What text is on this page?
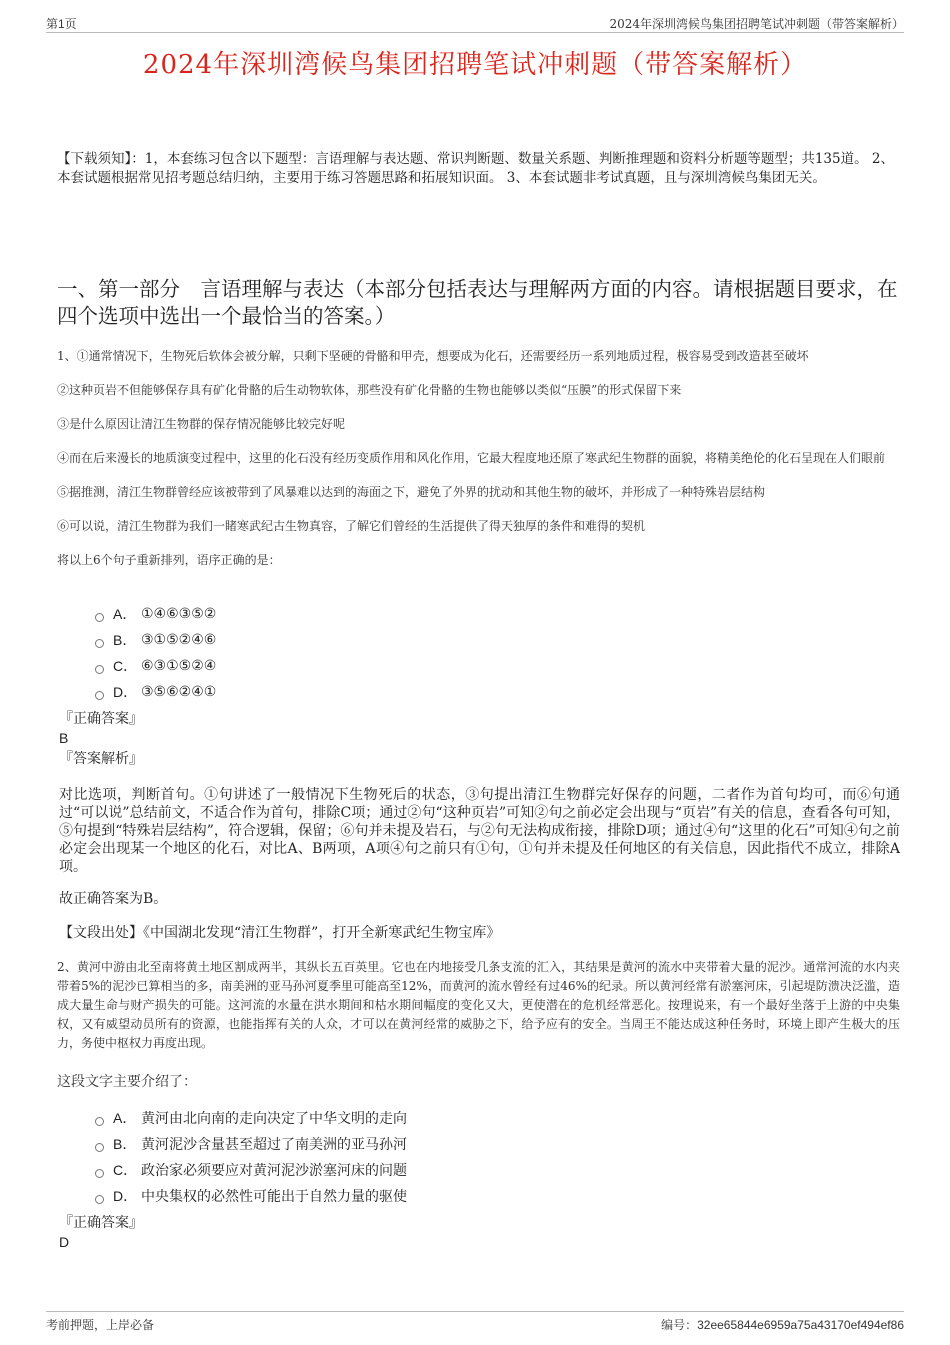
第1页	2024年深圳湾候鸟集团招聘笔试冲刺题（带答案解析）
2024年深圳湾候鸟集团招聘笔试冲刺题（带答案解析）
【下载须知】：1，本套练习包含以下题型：言语理解与表达题、常识判断题、数量关系题、判断推理题和资料分析题等题型；共135道。 2、本套试题根据常见招考题总结归纳，主要用于练习答题思路和拓展知识面。 3、本套试题非考试真题，且与深圳湾候鸟集团无关。
一、第一部分　言语理解与表达（本部分包括表达与理解两方面的内容。请根据题目要求，在四个选项中选出一个最恰当的答案。）

1、①通常情况下，生物死后软体会被分解，只剩下坚硬的骨骼和甲壳，想要成为化石，还需要经历一系列地质过程，极容易受到改造甚至破坏

②这种页岩不但能够保存具有矿化骨骼的后生动物软体，那些没有矿化骨骼的生物也能够以类似“压膜”的形式保留下来

③是什么原因让清江生物群的保存情况能够比较完好呢

④而在后来漫长的地质演变过程中，这里的化石没有经历变质作用和风化作用，它最大程度地还原了寒武纪生物群的面貌，将精美绝伦的化石呈现在人们眼前

⑤据推测，清江生物群曾经应该被带到了风暴难以达到的海面之下，避免了外界的扰动和其他生物的破坏，并形成了一种特殊岩层结构

⑥可以说，清江生物群为我们一睹寒武纪古生物真容，了解它们曾经的生活提供了得天独厚的条件和难得的契机

将以上6个句子重新排列，语序正确的是：

A． ①④⑥③⑤②
B． ③①⑤②④⑥
C． ⑥③①⑤②④
D． ③⑤⑥②④①
『正确答案』
B
『答案解析』
对比选项，判断首句。①句讲述了一般情况下生物死后的状态，③句提出清江生物群完好保存的问题，二者作为首句均可，而⑥句通过“可以说”总结前文，不适合作为首句，排除C项；通过②句“这种页岩”可知②句之前必定会出现与“页岩”有关的信息，查看各句可知，⑤句提到“特殊岩层结构”，符合逻辑，保留；⑥句并未提及岩石，与②句无法构成衔接，排除D项；通过④句“这里的化石”可知④句之前必定会出现某一个地区的化石，对比A、B两项，A项④句之前只有①句，①句并未提及任何地区的有关信息，因此指代不成立，排除A项。
故正确答案为B。
【文段出处】《中国湖北发现“清江生物群”，打开全新寒武纪生物宝库》
2、黄河中游由北至南将黄土地区割成两半，其纵长五百英里。它也在内地接受几条支流的汇入，其结果是黄河的流水中夹带着大量的泥沙。通常河流的水内夹带着5%的泥沙已算相当的多，南美洲的亚马孙河夏季里可能高至12%，而黄河的流水曾经有过46%的纪录。所以黄河经常有淤塞河床，引起堤防溃决泛滥，造成大量生命与财产损失的可能。这河流的水量在洪水期间和枯水期间幅度的变化又大，更使潜在的危机经常恶化。按理说来，有一个最好坐落于上游的中央集权，又有威望动员所有的资源，也能指挥有关的人众，才可以在黄河经常的威胁之下，给予应有的安全。当周王不能达成这种任务时，环境上即产生极大的压力，务使中枢权力再度出现。
这段文字主要介绍了：
A． 黄河由北向南的走向决定了中华文明的走向
B． 黄河泥沙含量甚至超过了南美洲的亚马孙河
C． 政治家必须要应对黄河泥沙淤塞河床的问题
D． 中央集权的必然性可能出于自然力量的驱使
『正确答案』
D
考前押题，上岸必备	编号：32ee65844e6959a75a43170ef494ef86
